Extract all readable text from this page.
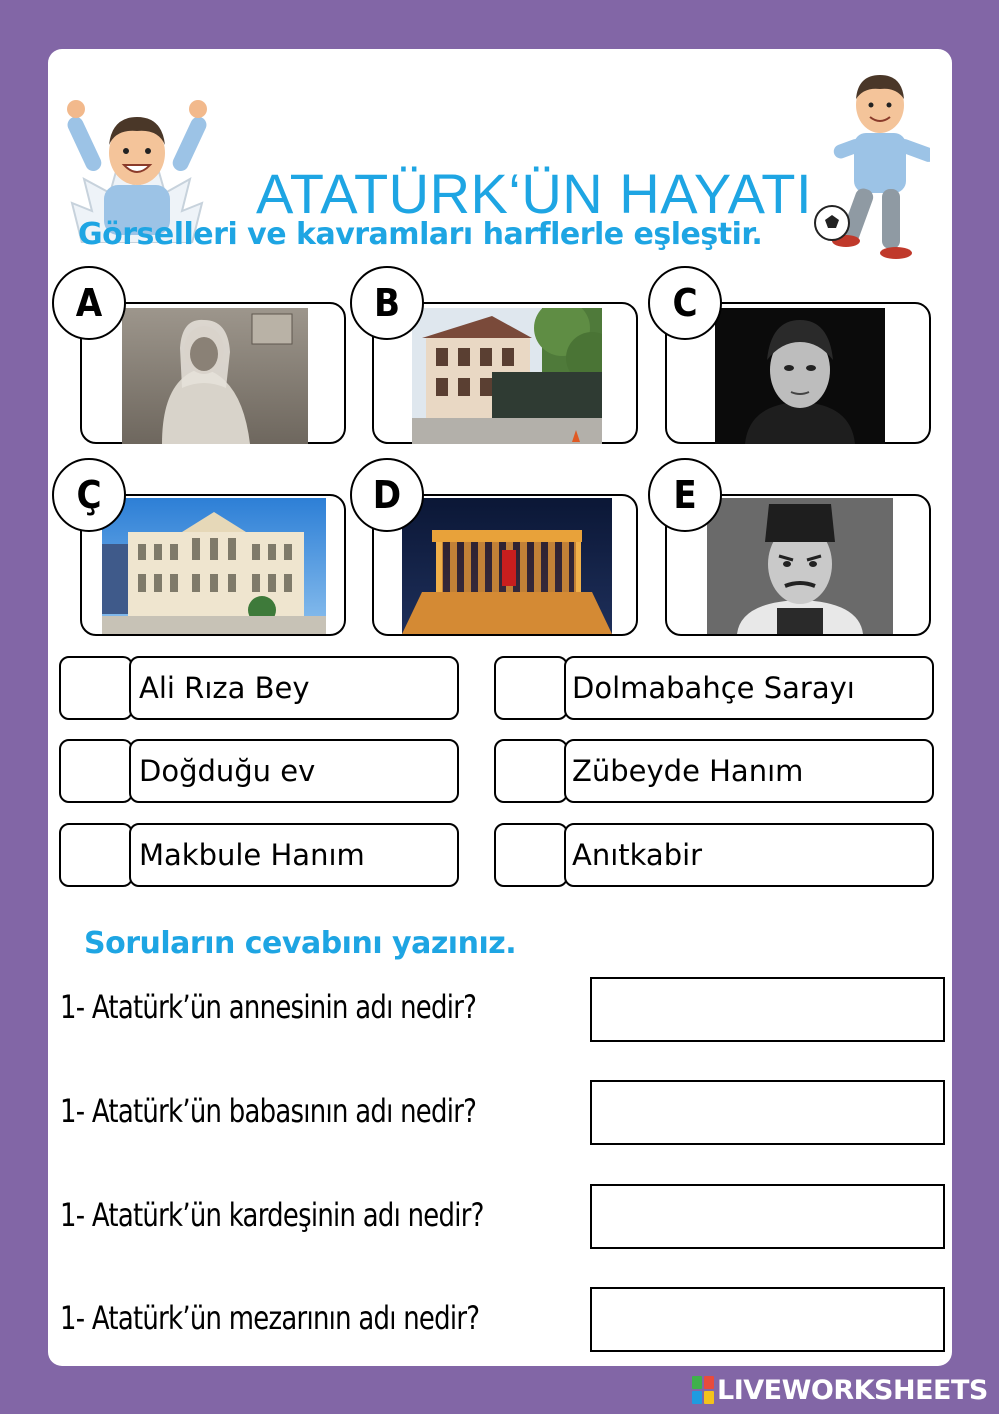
ATATÜRK‘ÜN HAYATI
Görselleri ve kavramları harflerle eşleştir.
A	B	C
Ç	D	E
Ali Rıza Bey	Dolmabahçe Sarayı
Doğduğu ev	Zübeyde Hanım
Makbule Hanım	Anıtkabir
Soruların cevabını yazınız.
1- Atatürk’ün annesinin adı nedir?
1- Atatürk’ün babasının adı nedir?
1- Atatürk’ün kardeşinin adı nedir?
1- Atatürk’ün mezarının adı nedir?
LIVEWORKSHEETS
